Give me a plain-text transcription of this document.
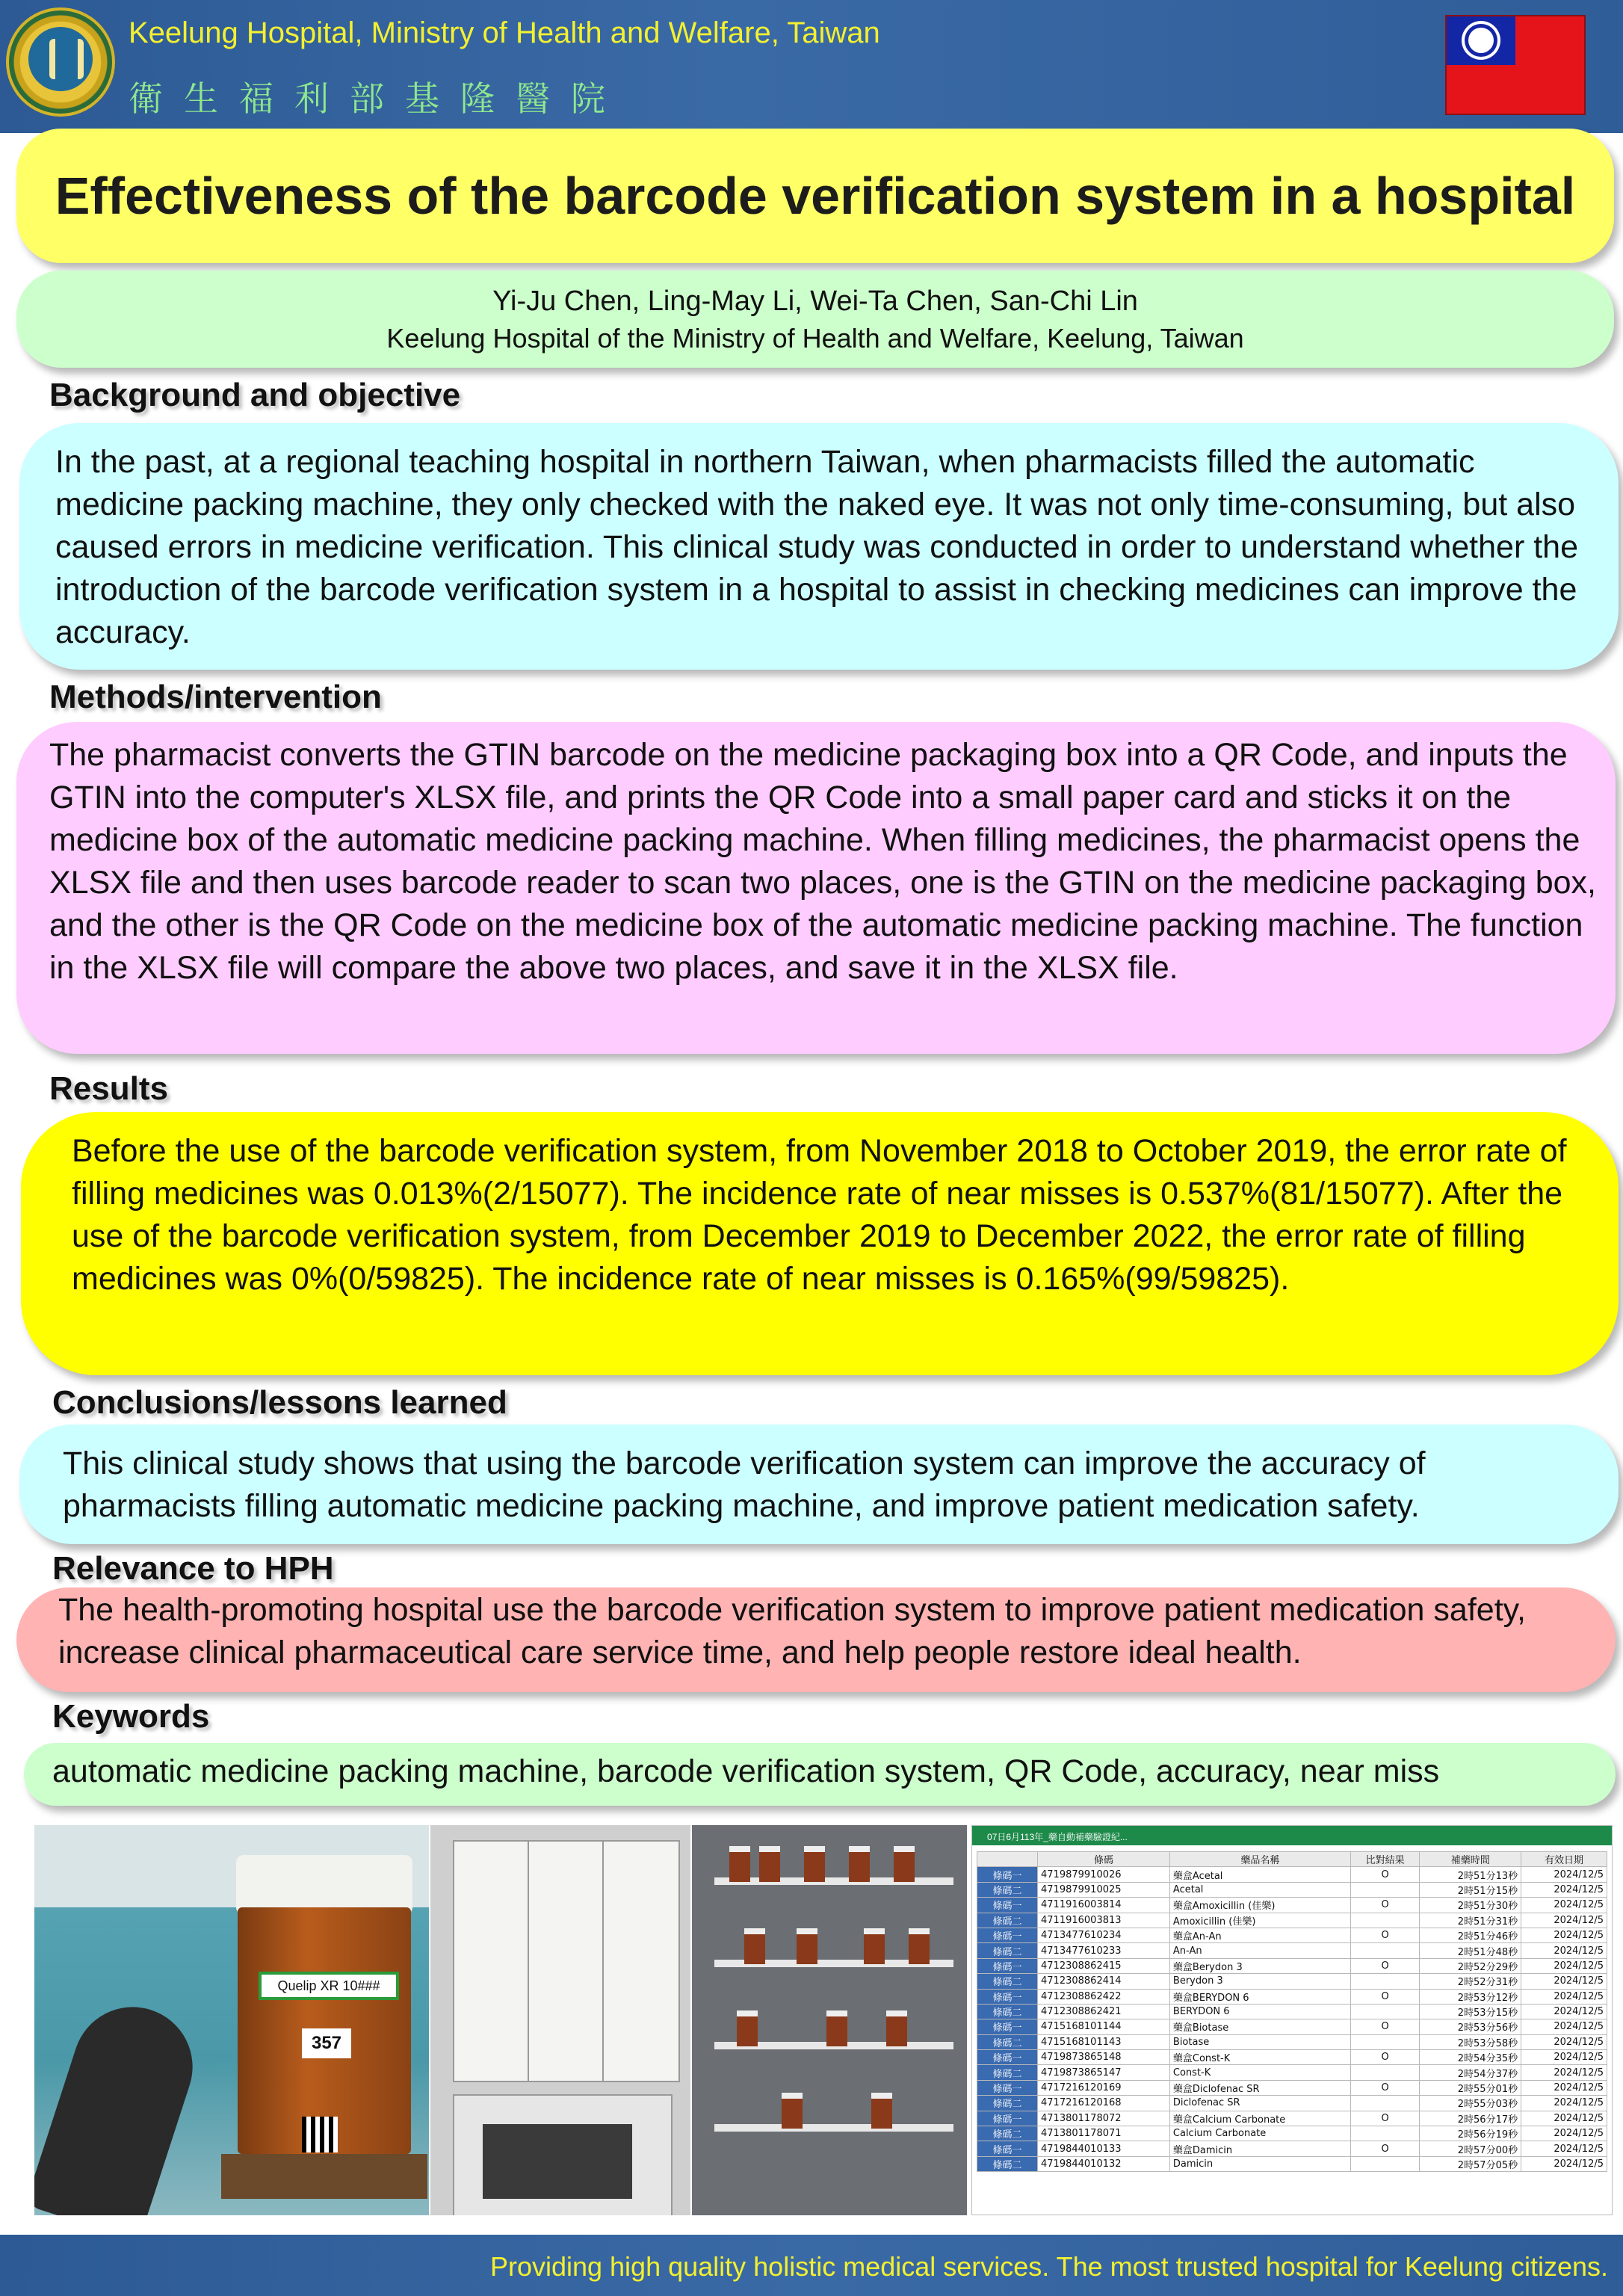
Keelung Hospital, Ministry of Health and Welfare, Taiwan
衛生福利部基隆醫院
Effectiveness of the barcode verification system in a hospital
Yi-Ju Chen, Ling-May Li, Wei-Ta Chen, San-Chi Lin
Keelung Hospital of the Ministry of Health and Welfare, Keelung, Taiwan
Background and objective
In the past, at a regional teaching hospital in northern Taiwan, when pharmacists filled the automatic medicine packing machine, they only checked with the naked eye. It was not only time-consuming, but also caused errors in medicine verification. This clinical study was conducted in order to understand whether the introduction of the barcode verification system in a hospital to assist in checking medicines can improve the accuracy.
Methods/intervention
The pharmacist converts the GTIN barcode on the medicine packaging box into a QR Code, and inputs the GTIN into the computer's XLSX file, and prints the QR Code into a small paper card and sticks it on the medicine box of the automatic medicine packing machine. When filling medicines, the pharmacist opens the XLSX file and then uses barcode reader to scan two places, one is the GTIN on the medicine packaging box, and the other is the QR Code on the medicine box of the automatic medicine packing machine. The function in the XLSX file will compare the above two places, and save it in the XLSX file.
Results
Before the use of the barcode verification system, from November 2018 to October 2019, the error rate of filling medicines was 0.013%(2/15077). The incidence rate of near misses is 0.537%(81/15077). After the use of the barcode verification system, from December 2019 to December 2022, the error rate of filling medicines was 0%(0/59825). The incidence rate of near misses is 0.165%(99/59825).
Conclusions/lessons learned
This clinical study shows that using the barcode verification system can improve the accuracy of pharmacists filling automatic medicine packing machine, and improve patient medication safety.
Relevance to HPH
The health-promoting hospital use the barcode verification system to improve patient medication safety, increase clinical pharmaceutical care service time, and help people restore ideal health.
Keywords
automatic medicine packing machine, barcode verification system, QR Code, accuracy, near miss
Quelip XR 10###
357
07日6月113年_藥自動補藥驗證紀...
	條碼	藥品名稱	比對結果	補藥時間	有效日期
條碼一	4719879910026	藥盒Acetal	O	2時51分13秒	2024/12/5
條碼二	4719879910025	Acetal		2時51分15秒	2024/12/5
條碼一	4711916003814	藥盒Amoxicillin (佳樂)	O	2時51分30秒	2024/12/5
條碼二	4711916003813	Amoxicillin (佳樂)		2時51分31秒	2024/12/5
條碼一	4713477610234	藥盒An-An	O	2時51分46秒	2024/12/5
條碼二	4713477610233	An-An		2時51分48秒	2024/12/5
條碼一	4712308862415	藥盒Berydon 3	O	2時52分29秒	2024/12/5
條碼二	4712308862414	Berydon 3		2時52分31秒	2024/12/5
條碼一	4712308862422	藥盒BERYDON 6	O	2時53分12秒	2024/12/5
條碼二	4712308862421	BERYDON 6		2時53分15秒	2024/12/5
條碼一	4715168101144	藥盒Biotase	O	2時53分56秒	2024/12/5
條碼二	4715168101143	Biotase		2時53分58秒	2024/12/5
條碼一	4719873865148	藥盒Const-K	O	2時54分35秒	2024/12/5
條碼二	4719873865147	Const-K		2時54分37秒	2024/12/5
條碼一	4717216120169	藥盒Diclofenac SR	O	2時55分01秒	2024/12/5
條碼二	4717216120168	Diclofenac SR		2時55分03秒	2024/12/5
條碼一	4713801178072	藥盒Calcium Carbonate	O	2時56分17秒	2024/12/5
條碼二	4713801178071	Calcium Carbonate		2時56分19秒	2024/12/5
條碼一	4719844010133	藥盒Damicin	O	2時57分00秒	2024/12/5
條碼二	4719844010132	Damicin		2時57分05秒	2024/12/5
Providing high quality holistic medical services. The most trusted hospital for Keelung citizens.
